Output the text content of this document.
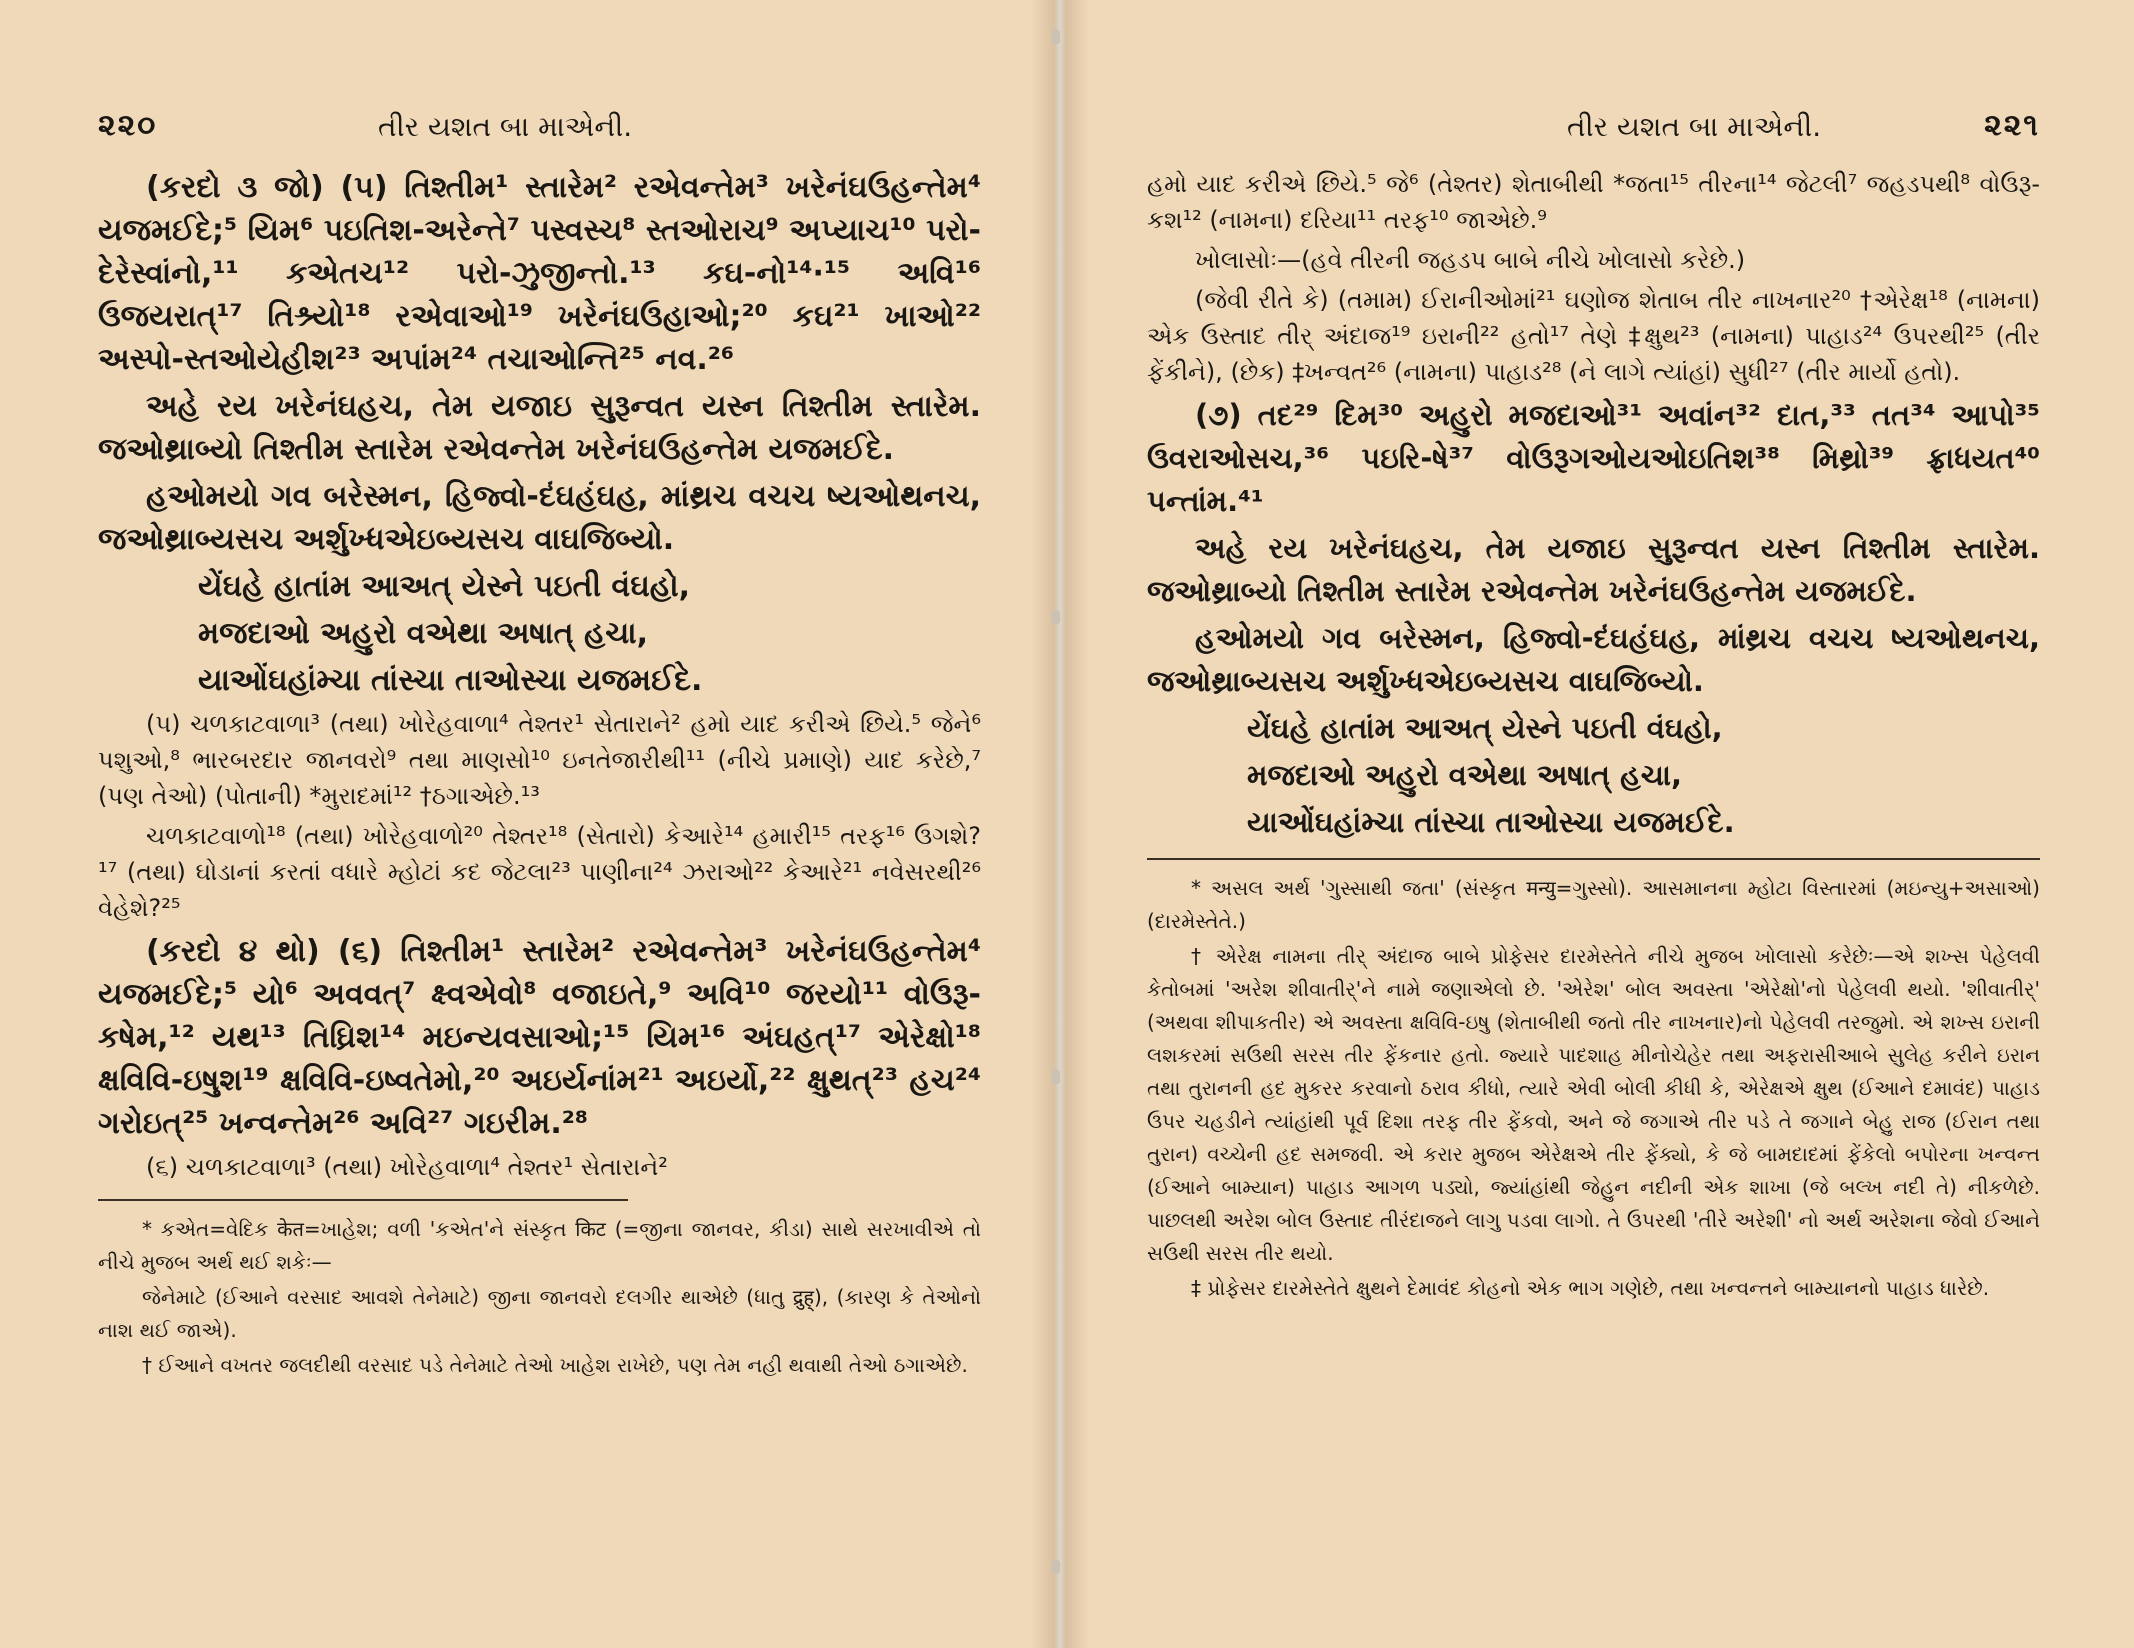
૨૨૦	તીર યશત બા માએની.

(કરદો ૩ જો) (૫) તિશ્તીમ¹ સ્તારેમ² રએવન્તેમ³ ખરેનંઘઉહન્તેમ⁴ યજમઈદે;⁵ યિમ⁶ પઇતિશ-અરેન્તે⁷ પસ્વસ્ચ⁸ સ્તઓરાચ⁹ અપ્યાચ¹⁰ પરો-દેરેસ્વાંનો,¹¹ કએતચ¹² પરો-ઝુજીન્તો.¹³ કઘ-નો¹⁴·¹⁵ અવિ¹⁶ ઉજયરાત્¹⁷ તિશ્ર્યો¹⁸ રએવાઓ¹⁹ ખરેનંઘઉહાઓ;²⁰ કઘ²¹ ખાઓ²² અસ્પો-સ્તઓયેહીશ²³ અપાંમ²⁴ તચાઓન્તિ²⁵ નવ.²⁶

અહે રય ખરેનંઘહચ, તેમ યજાઇ સુરૂન્વત યસ્ન તિશ્તીમ સ્તારેમ. જઓથ્રાબ્યો તિશ્તીમ સ્તારેમ રએવન્તેમ ખરેનંઘઉહન્તેમ યજમઈદે.

હઓમયો ગવ બરેસ્મન, હિજ્વો-દંઘહંઘહ, માંથ્રચ વચચ ષ્યઓથનચ, જઓથ્રાબ્યસચ અર્શુખ્ધએઇબ્યસચ વાઘજિબ્યો.

યેંઘહે હાતાંમ આઅત્ યેસ્ને પઇતી વંઘહો,

મજદાઓ અહુરો વએથા અષાત્ હચા,

યાઓંઘહાંમ્ચા તાંસ્ચા તાઓસ્ચા યજમઈદે.

(૫) ચળકાટવાળા³ (તથા) ખોરેહવાળા⁴ તેશ્તર¹ સેતારાને² હમો યાદ કરીએ છિયે.⁵ જેને⁶ પશુઓ,⁸ ભારબરદાર જાનવરો⁹ તથા માણસો¹⁰ ઇનતેજારીથી¹¹ (નીચે પ્રમાણે) યાદ કરેછે,⁷ (પણ તેઓ) (પોતાની) *મુરાદમાં¹² †ઠગાએછે.¹³

ચળકાટવાળો¹⁸ (તથા) ખોરેહવાળો²⁰ તેશ્તર¹⁸ (સેતારો) કેઆરે¹⁴ હમારી¹⁵ તરફ¹⁶ ઉગશે?¹⁷ (તથા) ઘોડાનાં કરતાં વધારે મ્હોટાં કદ જેટલા²³ પાણીના²⁴ ઝરાઓ²² કેઆરે²¹ નવેસરથી²⁶ વેહેશે?²⁵

(કરદો ૪ થો) (૬) તિશ્તીમ¹ સ્તારેમ² રએવન્તેમ³ ખરેનંઘઉહન્તેમ⁴ યજમઈદે;⁵ યો⁶ અવવત્⁷ ક્ષ્વએવો⁸ વજાઇતે,⁹ અવિ¹⁰ જરયો¹¹ વોઉરૂ-કષેમ,¹² યથ¹³ તિઘ્રિશ¹⁴ મઇન્યવસાઓ;¹⁵ યિમ¹⁶ અંઘહત્¹⁷ એરેક્ષો¹⁸ ક્ષવિવિ-ઇષુશ¹⁹ ક્ષવિવિ-ઇષ્વતેમો,²⁰ અઇર્યનાંમ²¹ અઇર્યો,²² ક્ષુથત્²³ હચ²⁴ ગરોઇત્²⁵ ખન્વન્તેમ²⁶ અવિ²⁷ ગઇરીમ.²⁸

(૬) ચળકાટવાળા³ (તથા) ખોરેહવાળા⁴ તેશ્તર¹ સેતારાને²

* કએત=વેદિક केत=ખાહેશ; વળી 'કએત'ને સંસ્કૃત किट (=જીના જાનવર, કીડા) સાથે સરખાવીએ તો નીચે મુજબ અર્થ થઈ શકેઃ—

જેનેમાટે (ઈઆને વરસાદ આવશે તેનેમાટે) જીના જાનવરો દલગીર થાએછે (ધાતુ द्रुह्), (કારણ કે તેઓનો નાશ થઈ જાએ).

† ઈઆને વખતર જલદીથી વરસાદ પડે તેનેમાટે તેઓ ખાહેશ રાખેછે, પણ તેમ નહી થવાથી તેઓ ઠગાએછે.

તીર યશત બા માએની.	૨૨૧

હમો યાદ કરીએ છિયે.⁵ જે⁶ (તેશ્તર) શેતાબીથી *જતા¹⁵ તીરના¹⁴ જેટલી⁷ જહડપથી⁸ વોઉરૂ-કશ¹² (નામના) દરિયા¹¹ તરફ¹⁰ જાએછે.⁹

ખોલાસોઃ—(હવે તીરની જહડપ બાબે નીચે ખોલાસો કરેછે.)

(જેવી રીતે કે) (તમામ) ઈરાનીઓમાં²¹ ઘણોજ શેતાબ તીર નાખનાર²⁰ †એરેક્ષ¹⁸ (નામના) એક ઉસ્તાદ તીર્ અંદાજ¹⁹ ઇરાની²² હતો¹⁷ તેણે ‡ક્ષુથ²³ (નામના) પાહાડ²⁴ ઉપરથી²⁵ (તીર ફેંકીને), (છેક) ‡ખન્વત²⁶ (નામના) પાહાડ²⁸ (ને લાગે ત્યાંહાં) સુધી²⁷ (તીર માર્યો હતો).

(૭) તદ²⁹ દિમ³⁰ અહુરો મજદાઓ³¹ અવાંન³² દાત,³³ તત³⁴ આપો³⁵ ઉવરાઓસચ,³⁶ પઇરિ-ષે³⁷ વોઉરૂગઓયઓઇતિશ³⁸ મિથ્રો³⁹ ફ્રાધયત⁴⁰ પન્તાંમ.⁴¹

અહે રય ખરેનંઘહચ, તેમ યજાઇ સુરૂન્વત યસ્ન તિશ્તીમ સ્તારેમ. જઓથ્રાબ્યો તિશ્તીમ સ્તારેમ રએવન્તેમ ખરેનંઘઉહન્તેમ યજમઈદે.

હઓમયો ગવ બરેસ્મન, હિજ્વો-દંઘહંઘહ, માંથ્રચ વચચ ષ્યઓથનચ, જઓથ્રાબ્યસચ અર્શુખ્ધએઇબ્યસચ વાઘજિબ્યો.

યેંઘહે હાતાંમ આઅત્ યેસ્ને પઇતી વંઘહો,

મજદાઓ અહુરો વએથા અષાત્ હચા,

યાઓંઘહાંમ્ચા તાંસ્ચા તાઓસ્ચા યજમઈદે.

* અસલ અર્થ 'ગુસ્સાથી જતા' (સંસ્કૃત मन्यु=ગુસ્સો). આસમાનના મ્હોટા વિસ્તારમાં (મઇન્યુ+અસાઓ) (દારમેસ્તેતે.)

† એરેક્ષ નામના તીર્ અંદાજ બાબે પ્રોફેસર દારમેસ્તેતે નીચે મુજબ ખોલાસો કરેછેઃ—એ શખ્સ પેહેલવી કેતોબમાં 'અરેશ શીવાતીર્'ને નામે જણાએલો છે. 'એરેશ' બોલ અવસ્તા 'એરેક્ષો'નો પેહેલવી થયો. 'શીવાતીર્' (અથવા શીપાકતીર) એ અવસ્તા ક્ષવિવિ-ઇષુ (શેતાબીથી જતો તીર નાખનાર)નો પેહેલવી તરજુમો. એ શખ્સ ઇરાની લશકરમાં સઉથી સરસ તીર ફેંકનાર હતો. જ્યારે પાદશાહ મીનોચેહેર તથા અફરાસીઆબે સુલેહ કરીને ઇરાન તથા તુરાનની હદ મુકરર કરવાનો ઠરાવ કીધો, ત્યારે એવી બોલી કીધી કે, એરેક્ષએ ક્ષુથ (ઈઆને દમાવંદ) પાહાડ ઉપર ચહડીને ત્યાંહાંથી પૂર્વ દિશા તરફ તીર ફેંકવો, અને જે જગાએ તીર પડે તે જગાને બેહુ રાજ (ઈરાન તથા તુરાન) વચ્ચેની હદ સમજવી. એ કરાર મુજબ એરેક્ષએ તીર ફેંક્યો, કે જે બામદાદમાં ફેંકેલો બપોરના ખન્વન્ત (ઈઆને બામ્યાન) પાહાડ આગળ પડ્યો, જ્યાંહાંથી જેહુન નદીની એક શાખા (જે બલ્ખ નદી તે) નીકળેછે. પાછલથી અરેશ બોલ ઉસ્તાદ તીરંદાજને લાગુ પડવા લાગો. તે ઉપરથી 'તીરે અરેશી' નો અર્થ અરેશના જેવો ઈઆને સઉથી સરસ તીર થયો.

‡ પ્રોફેસર દારમેસ્તેતે ક્ષુથને દેમાવંદ કોહનો એક ભાગ ગણેછે, તથા ખન્વન્તને બામ્યાનનો પાહાડ ધારેછે.
